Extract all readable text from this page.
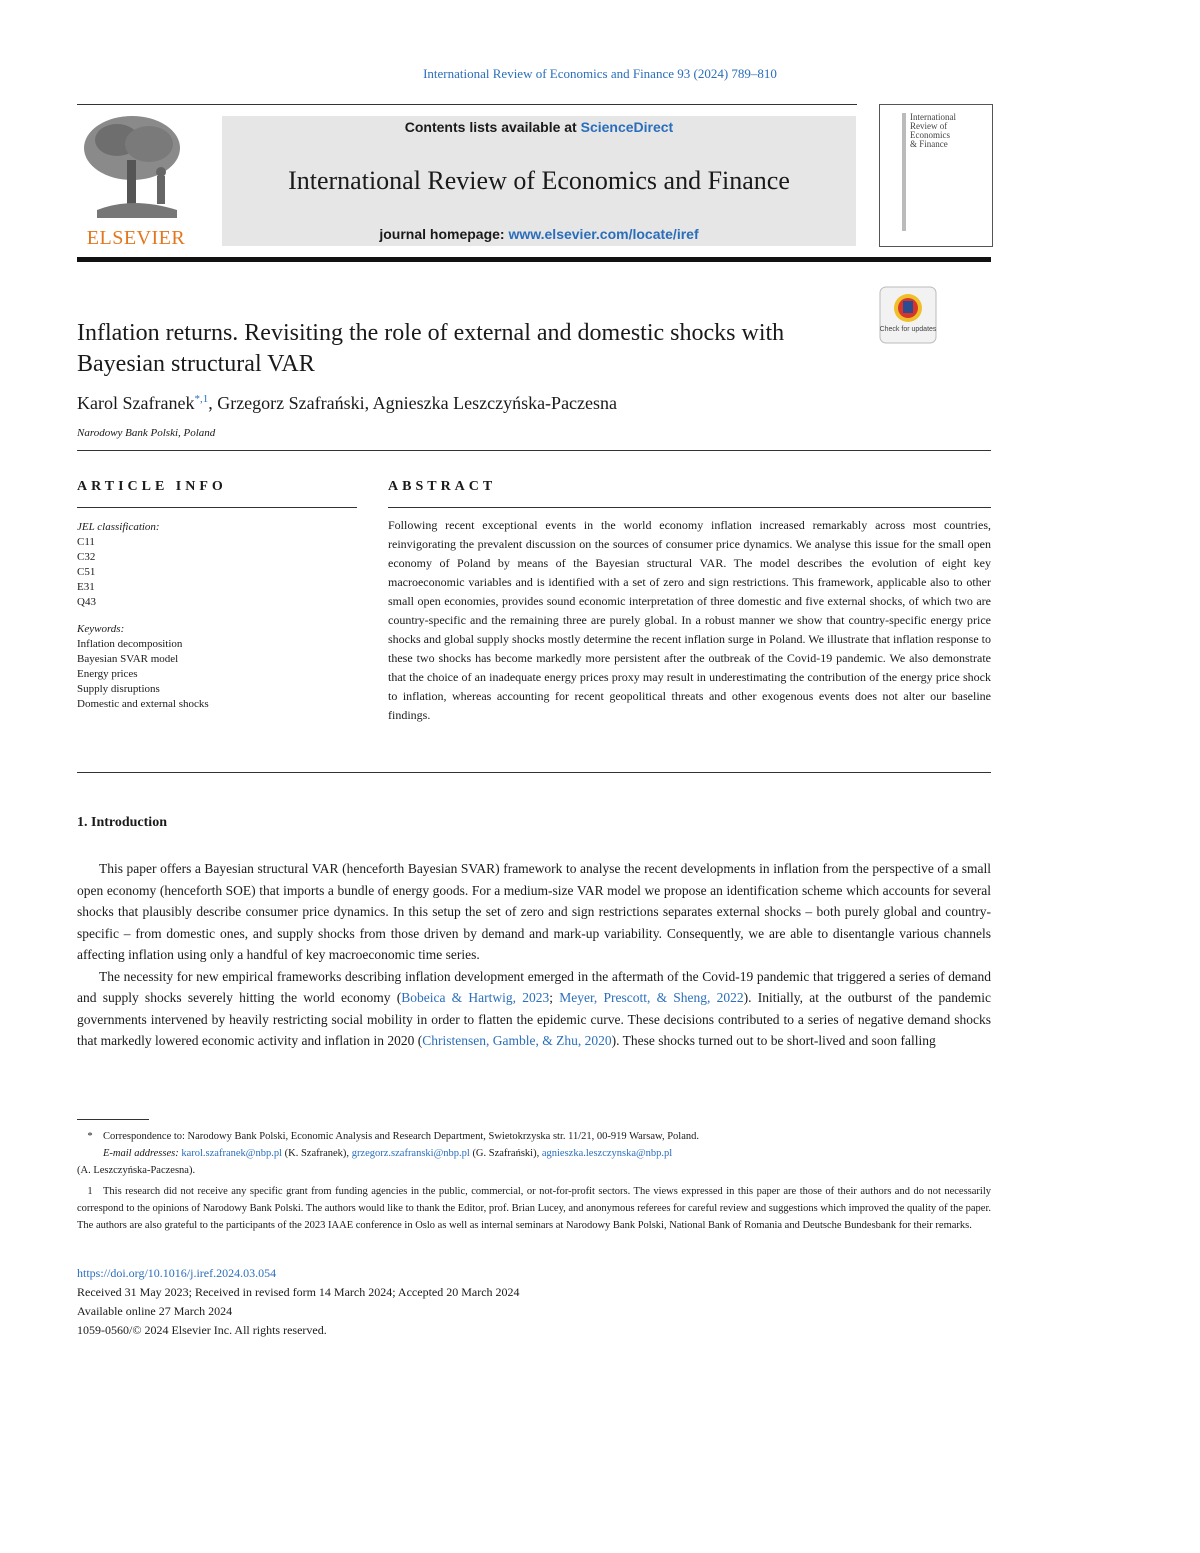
International Review of Economics and Finance 93 (2024) 789–810
ELSEVIER
Contents lists available at ScienceDirect
International Review of Economics and Finance
journal homepage: www.elsevier.com/locate/iref
International
Review of
Economics
& Finance
Check for updates
Inflation returns. Revisiting the role of external and domestic shocks with Bayesian structural VAR
Karol Szafranek$^{*,1}$, Grzegorz Szafrański, Agnieszka Leszczyńska-Paczesna
Narodowy Bank Polski, Poland
ARTICLE INFO	ABSTRACT
JEL classification:
C11
C32
C51
E31
Q43
Keywords:
Inflation decomposition
Bayesian SVAR model
Energy prices
Supply disruptions
Domestic and external shocks
Following recent exceptional events in the world economy inflation increased remarkably across most countries, reinvigorating the prevalent discussion on the sources of consumer price dynamics. We analyse this issue for the small open economy of Poland by means of the Bayesian structural VAR. The model describes the evolution of eight key macroeconomic variables and is identified with a set of zero and sign restrictions. This framework, applicable also to other small open economies, provides sound economic interpretation of three domestic and five external shocks, of which two are country-specific and the remaining three are purely global. In a robust manner we show that country-specific energy price shocks and global supply shocks mostly determine the recent inflation surge in Poland. We illustrate that inflation response to these two shocks has become markedly more persistent after the outbreak of the Covid-19 pandemic. We also demonstrate that the choice of an inadequate energy prices proxy may result in underestimating the contribution of the energy price shock to inflation, whereas accounting for recent geopolitical threats and other exogenous events does not alter our baseline findings.
1. Introduction

This paper offers a Bayesian structural VAR (henceforth Bayesian SVAR) framework to analyse the recent developments in inflation from the perspective of a small open economy (henceforth SOE) that imports a bundle of energy goods. For a medium-size VAR model we propose an identification scheme which accounts for several shocks that plausibly describe consumer price dynamics. In this setup the set of zero and sign restrictions separates external shocks – both purely global and country-specific – from domestic ones, and supply shocks from those driven by demand and mark-up variability. Consequently, we are able to disentangle various channels affecting inflation using only a handful of key macroeconomic time series.

The necessity for new empirical frameworks describing inflation development emerged in the aftermath of the Covid-19 pandemic that triggered a series of demand and supply shocks severely hitting the world economy (Bobeica & Hartwig, 2023; Meyer, Prescott, & Sheng, 2022). Initially, at the outburst of the pandemic governments intervened by heavily restricting social mobility in order to flatten the epidemic curve. These decisions contributed to a series of negative demand shocks that markedly lowered economic activity and inflation in 2020 (Christensen, Gamble, & Zhu, 2020). These shocks turned out to be short-lived and soon falling

* Correspondence to: Narodowy Bank Polski, Economic Analysis and Research Department, Swietokrzyska str. 11/21, 00-919 Warsaw, Poland.
E-mail addresses: karol.szafranek@nbp.pl (K. Szafranek), grzegorz.szafranski@nbp.pl (G. Szafrański), agnieszka.leszczynska@nbp.pl
(A. Leszczyńska-Paczesna).
1 This research did not receive any specific grant from funding agencies in the public, commercial, or not-for-profit sectors. The views expressed in this paper are those of their authors and do not necessarily correspond to the opinions of Narodowy Bank Polski. The authors would like to thank the Editor, prof. Brian Lucey, and anonymous referees for careful review and suggestions which improved the quality of the paper. The authors are also grateful to the participants of the 2023 IAAE conference in Oslo as well as internal seminars at Narodowy Bank Polski, National Bank of Romania and Deutsche Bundesbank for their remarks.
https://doi.org/10.1016/j.iref.2024.03.054
Received 31 May 2023; Received in revised form 14 March 2024; Accepted 20 March 2024
Available online 27 March 2024
1059-0560/© 2024 Elsevier Inc. All rights reserved.
